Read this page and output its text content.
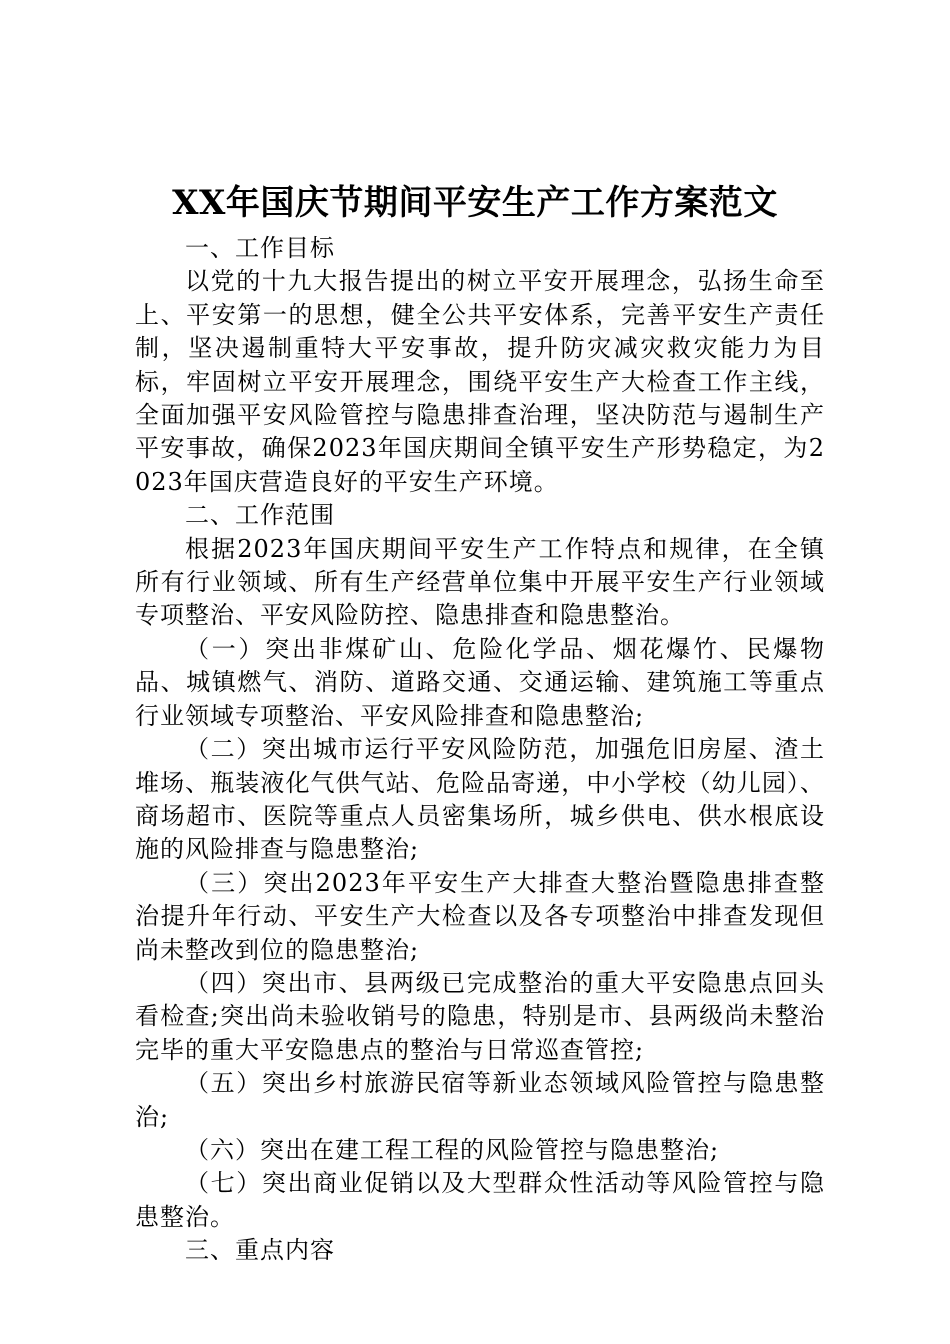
XX年国庆节期间平安生产工作方案范文

一、工作目标

以党的十九大报告提出的树立平安开展理念，弘扬生命至上、平安第一的思想，健全公共平安体系，完善平安生产责任制，坚决遏制重特大平安事故，提升防灾减灾救灾能力为目标，牢固树立平安开展理念，围绕平安生产大检查工作主线，全面加强平安风险管控与隐患排查治理，坚决防范与遏制生产平安事故，确保2023年国庆期间全镇平安生产形势稳定，为2023年国庆营造良好的平安生产环境。

二、工作范围

根据2023年国庆期间平安生产工作特点和规律，在全镇所有行业领域、所有生产经营单位集中开展平安生产行业领域专项整治、平安风险防控、隐患排查和隐患整治。

（一）突出非煤矿山、危险化学品、烟花爆竹、民爆物品、城镇燃气、消防、道路交通、交通运输、建筑施工等重点行业领域专项整治、平安风险排查和隐患整治;

（二）突出城市运行平安风险防范，加强危旧房屋、渣土堆场、瓶装液化气供气站、危险品寄递，中小学校（幼儿园）、商场超市、医院等重点人员密集场所，城乡供电、供水根底设施的风险排查与隐患整治;

（三）突出2023年平安生产大排查大整治暨隐患排查整治提升年行动、平安生产大检查以及各专项整治中排查发现但尚未整改到位的隐患整治;

（四）突出市、县两级已完成整治的重大平安隐患点回头看检查;突出尚未验收销号的隐患，特别是市、县两级尚未整治完毕的重大平安隐患点的整治与日常巡查管控;

（五）突出乡村旅游民宿等新业态领域风险管控与隐患整治;

（六）突出在建工程工程的风险管控与隐患整治;

（七）突出商业促销以及大型群众性活动等风险管控与隐患整治。

三、重点内容
